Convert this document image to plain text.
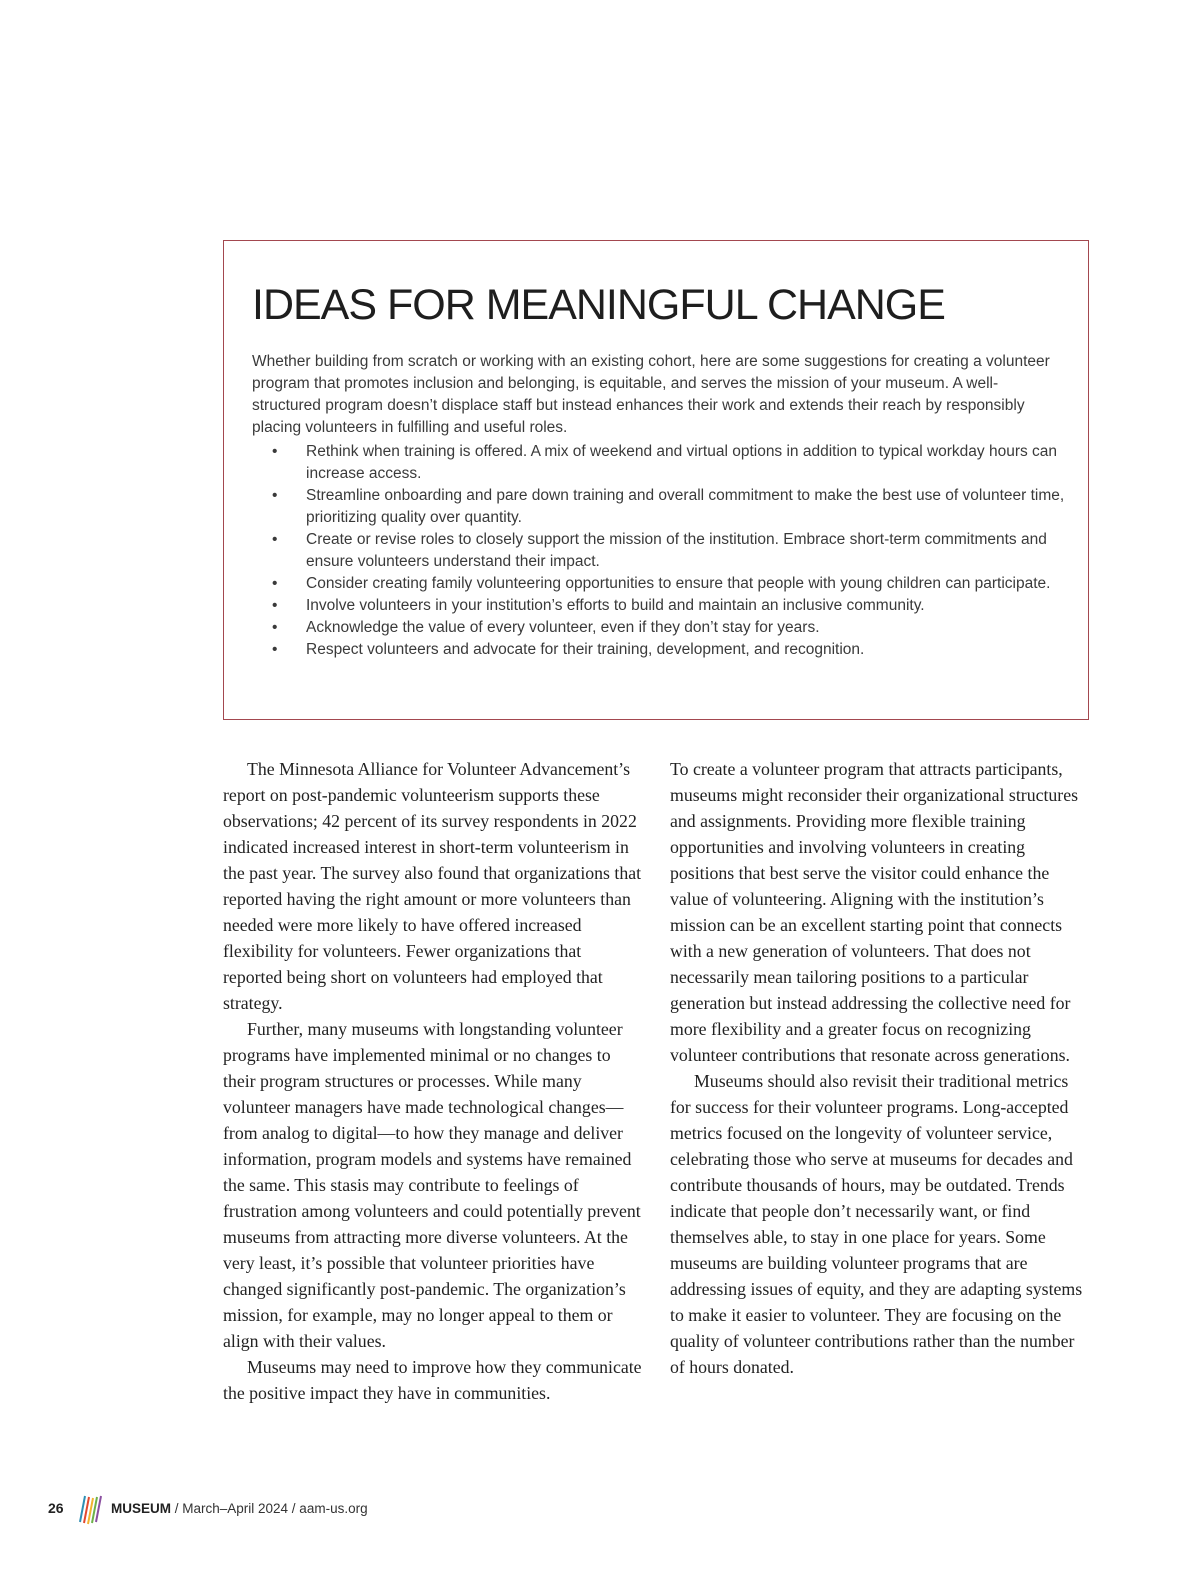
IDEAS FOR MEANINGFUL CHANGE

Whether building from scratch or working with an existing cohort, here are some suggestions for creating a volunteer program that promotes inclusion and belonging, is equitable, and serves the mission of your museum. A well-structured program doesn’t displace staff but instead enhances their work and extends their reach by responsibly placing volunteers in fulfilling and useful roles.

• Rethink when training is offered. A mix of weekend and virtual options in addition to typical workday hours can increase access.
• Streamline onboarding and pare down training and overall commitment to make the best use of volunteer time, prioritizing quality over quantity.
• Create or revise roles to closely support the mission of the institution. Embrace short-term commitments and ensure volunteers understand their impact.
• Consider creating family volunteering opportunities to ensure that people with young children can participate.
• Involve volunteers in your institution’s efforts to build and maintain an inclusive community.
• Acknowledge the value of every volunteer, even if they don’t stay for years.
• Respect volunteers and advocate for their training, development, and recognition.

The Minnesota Alliance for Volunteer Advancement’s report on post-pandemic volunteerism supports these observations; 42 percent of its survey respondents in 2022 indicated increased interest in short-term volunteerism in the past year. The survey also found that organizations that reported having the right amount or more volunteers than needed were more likely to have offered increased flexibility for volunteers. Fewer organizations that reported being short on volunteers had employed that strategy.

Further, many museums with longstanding volunteer programs have implemented minimal or no changes to their program structures or processes. While many volunteer managers have made technological changes—from analog to digital—to how they manage and deliver information, program models and systems have remained the same. This stasis may contribute to feelings of frustration among volunteers and could potentially prevent museums from attracting more diverse volunteers. At the very least, it’s possible that volunteer priorities have changed significantly post-pandemic. The organization’s mission, for example, may no longer appeal to them or align with their values.

Museums may need to improve how they communicate the positive impact they have in communities.

To create a volunteer program that attracts participants, museums might reconsider their organizational structures and assignments. Providing more flexible training opportunities and involving volunteers in creating positions that best serve the visitor could enhance the value of volunteering. Aligning with the institution’s mission can be an excellent starting point that connects with a new generation of volunteers. That does not necessarily mean tailoring positions to a particular generation but instead addressing the collective need for more flexibility and a greater focus on recognizing volunteer contributions that resonate across generations.

Museums should also revisit their traditional metrics for success for their volunteer programs. Long-accepted metrics focused on the longevity of volunteer service, celebrating those who serve at museums for decades and contribute thousands of hours, may be outdated. Trends indicate that people don’t necessarily want, or find themselves able, to stay in one place for years. Some museums are building volunteer programs that are addressing issues of equity, and they are adapting systems to make it easier to volunteer. They are focusing on the quality of volunteer contributions rather than the number of hours donated.

26	MUSEUM / March–April 2024 / aam-us.org
